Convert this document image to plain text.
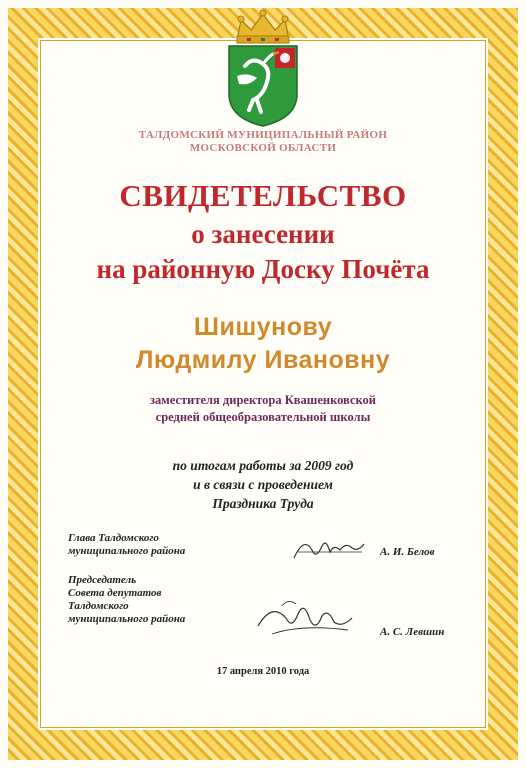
ТАЛДОМСКИЙ МУНИЦИПАЛЬНЫЙ РАЙОН

МОСКОВСКОЙ ОБЛАСТИ

СВИДЕТЕЛЬСТВО

о занесении

на районную Доску Почёта

Шишунову

Людмилу Ивановну

заместителя директора Квашенковской

средней общеобразовательной школы

по итогам работы за 2009 год

и в связи с проведением

Праздника Труда

Глава Талдомского
муниципального района	А. И. Белов
Председатель
Совета депутатов
Талдомского
муниципального района
А. С. Левшин

17 апреля 2010 года
